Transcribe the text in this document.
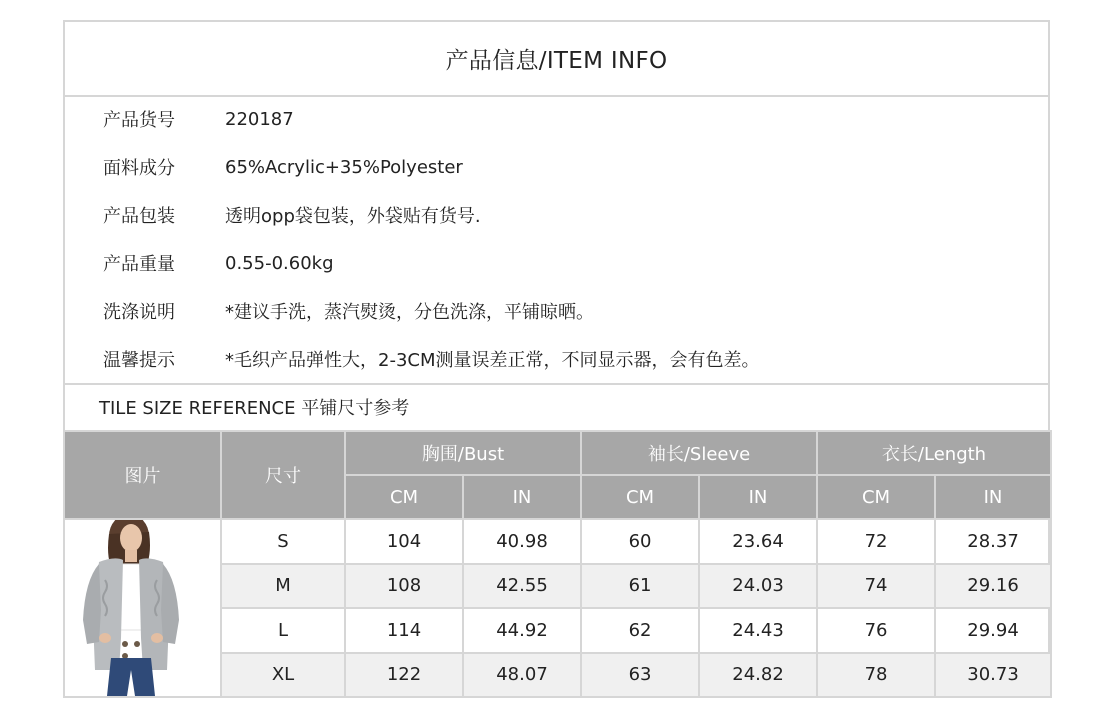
产品信息/ITEM INFO
产品货号	220187
面料成分	65%Acrylic+35%Polyester
产品包装	透明opp袋包装，外袋贴有货号.
产品重量	0.55-0.60kg
洗涤说明	*建议手洗，蒸汽熨烫，分色洗涤，平铺晾晒。
温馨提示	*毛织产品弹性大，2-3CM测量误差正常，不同显示器，会有色差。
TILE SIZE REFERENCE 平铺尺寸参考
图片	尺寸	胸围/Bust		袖长/Sleeve		衣长/Length	
		CM	IN	CM	IN	CM	IN

	S	104	40.98	60	23.64	72	28.37
	M	108	42.55	61	24.03	74	29.16
	L	114	44.92	62	24.43	76	29.94
	XL	122	48.07	63	24.82	78	30.73
